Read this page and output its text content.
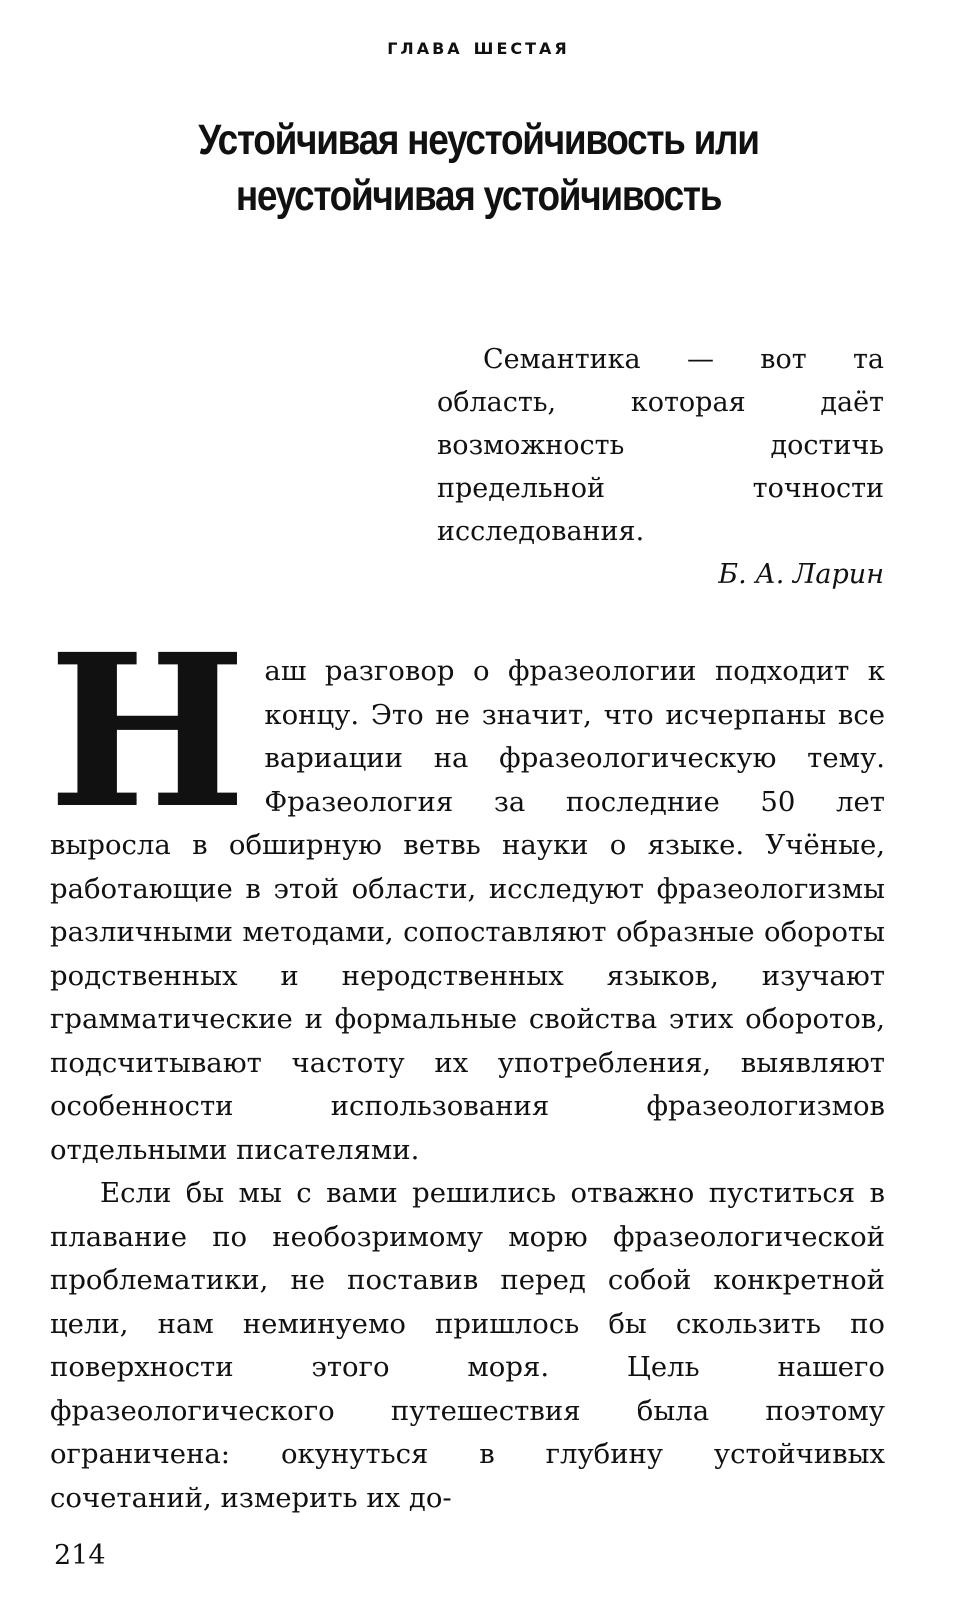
глава шестая
Устойчивая неустойчивость или неустойчивая устойчивость

Семантика — вот та область, которая даёт возможность достичь предельной точности исследования.

Б. А. Ларин

Наш разговор о фразеологии подходит к концу. Это не значит, что исчерпаны все вариации на фразеологическую тему. Фразеология за последние 50 лет выросла в обширную ветвь науки о языке. Учёные, работающие в этой области, исследуют фразеологизмы различными методами, сопоставляют образные обороты родственных и неродственных языков, изучают грамматические и формальные свойства этих оборотов, подсчитывают частоту их употребления, выявляют особенности использования фразеологизмов отдельными писателями.

Если бы мы с вами решились отважно пуститься в плавание по необозримому морю фразеологической проблематики, не поставив перед собой конкретной цели, нам неминуемо пришлось бы скользить по поверхности этого моря. Цель нашего фразеологического путешествия была поэтому ограничена: окунуться в глубину устойчивых сочетаний, измерить их до-

214
